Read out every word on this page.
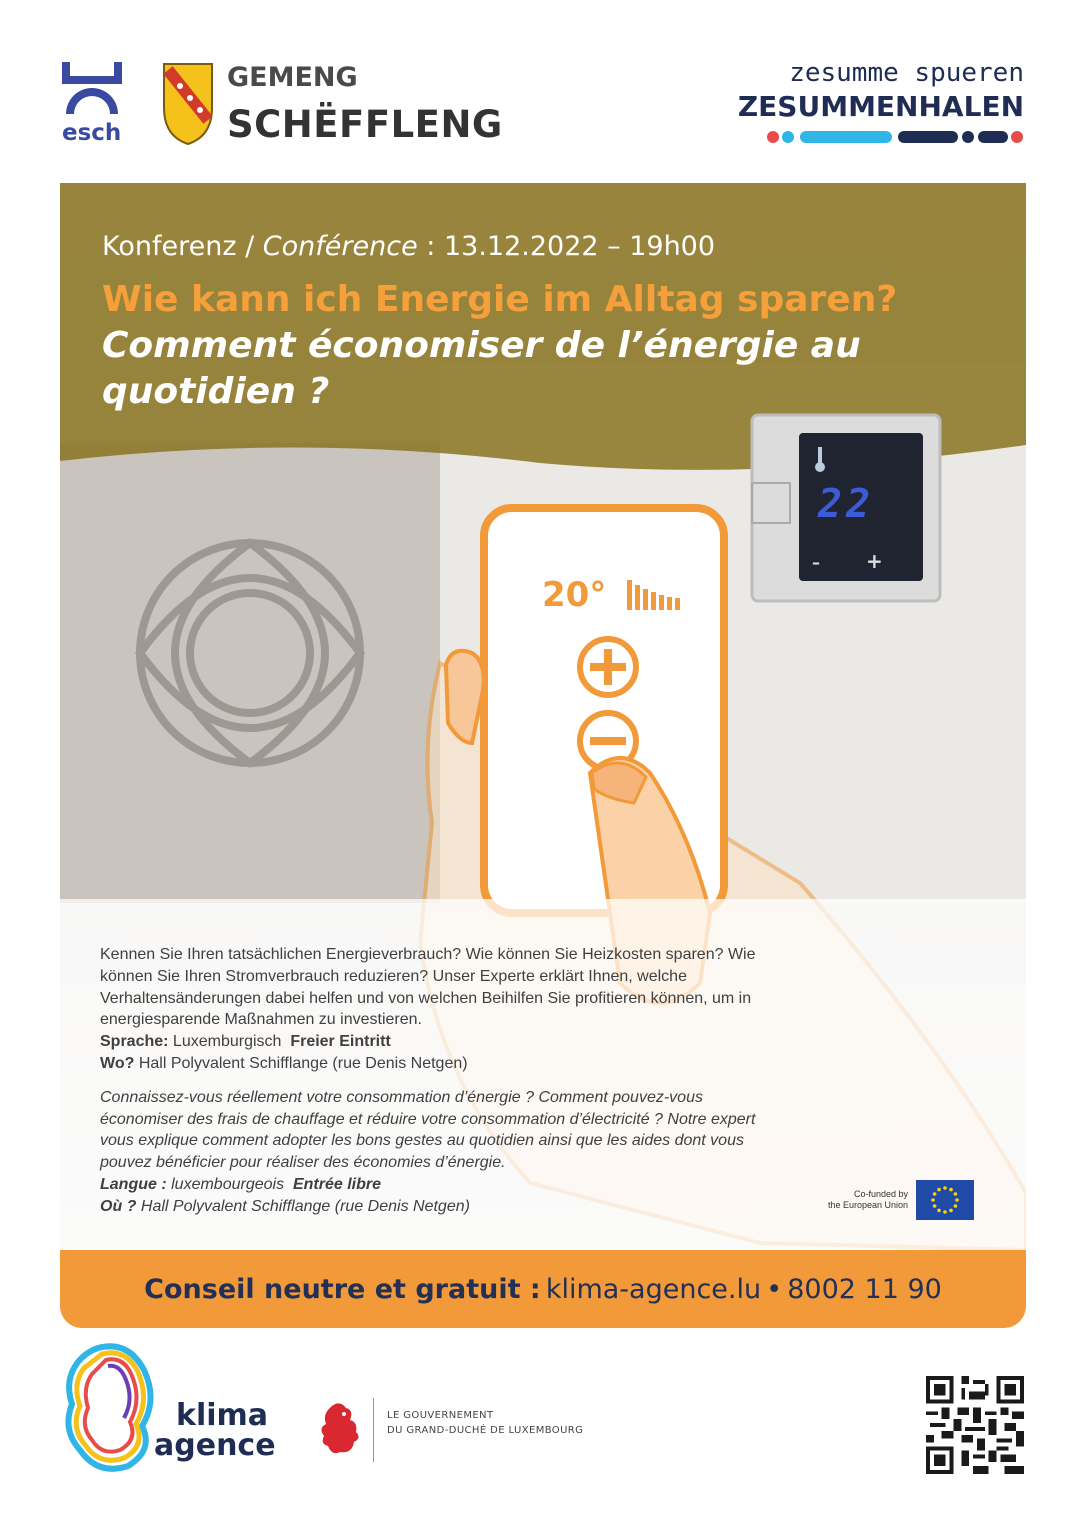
esch
GEMENG
SCHËFFLENG
zesumme spueren
ZESUMMENHALEN
Konferenz / Conférence : 13.12.2022 – 19h00
Wie kann ich Energie im Alltag sparen?
Comment économiser de l’énergie au quotidien ?
20°
22
– +

Kennen Sie Ihren tatsächlichen Energieverbrauch? Wie können Sie Heizkosten sparen? Wie können Sie Ihren Stromverbrauch reduzieren? Unser Experte erklärt Ihnen, welche Verhaltensänderungen dabei helfen und von welchen Beihilfen Sie profitieren können, um in energiesparende Maßnahmen zu investieren.

Sprache: Luxemburgisch Freier Eintritt

Wo? Hall Polyvalent Schifflange (rue Denis Netgen)

Connaissez-vous réellement votre consommation d’énergie ? Comment pouvez-vous économiser des frais de chauffage et réduire votre consommation d’électricité ? Notre expert vous explique comment adopter les bons gestes au quotidien ainsi que les aides dont vous pouvez bénéficier pour réaliser des économies d’énergie.

Langue : luxembourgeois Entrée libre

Où ? Hall Polyvalent Schifflange (rue Denis Netgen)

Co-funded by
the European Union
Conseil neutre et gratuit :
klima-agence.lu
•
8002 11 90
klima
agence
LE GOUVERNEMENT
DU GRAND-DUCHÉ DE LUXEMBOURG
